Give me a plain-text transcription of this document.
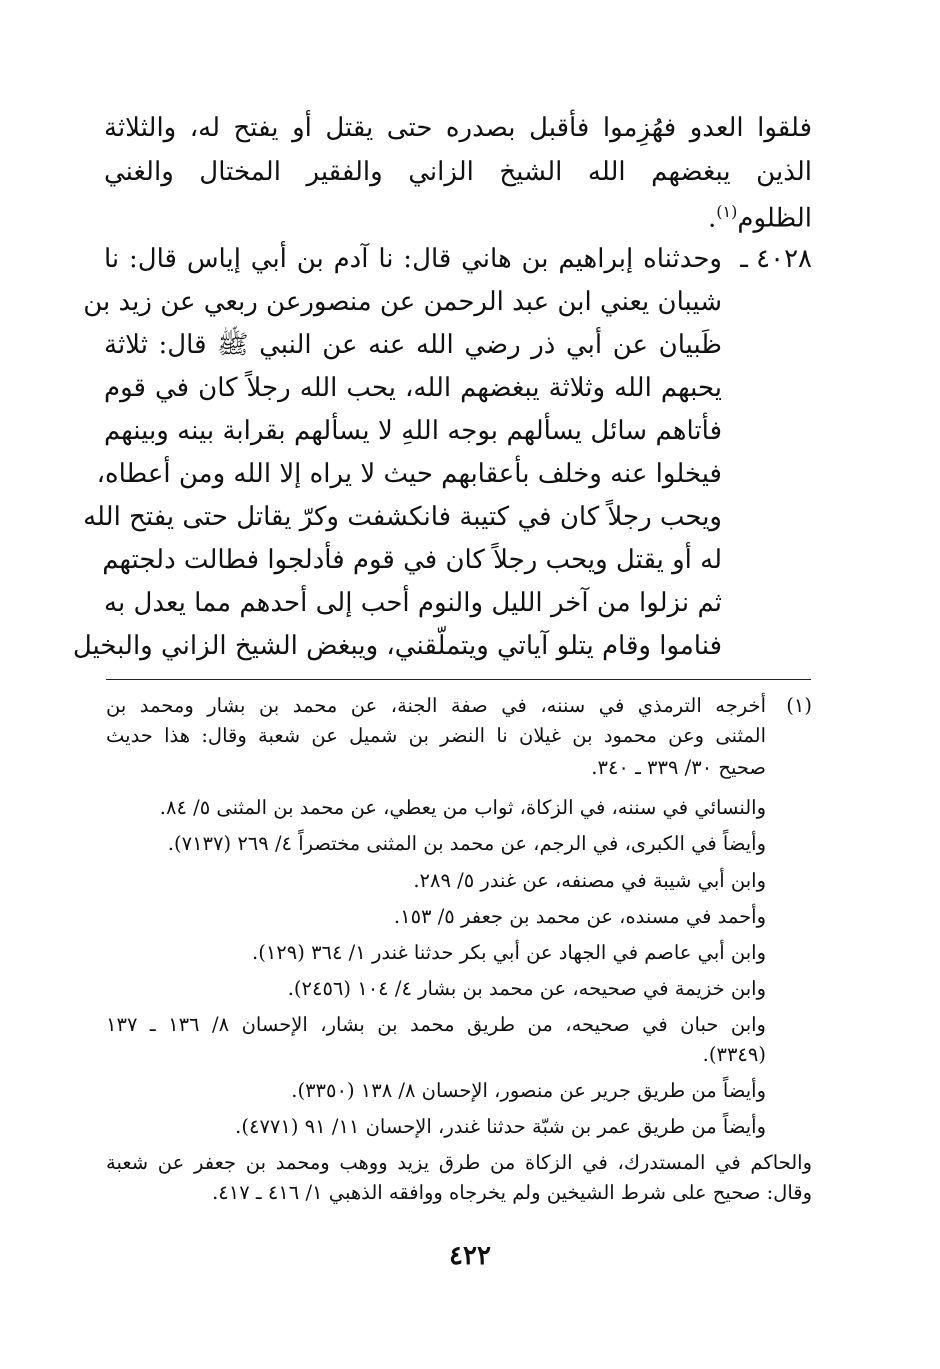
فلقوا العدو فهُزِموا فأقبل بصدره حتى يقتل أو يفتح له، والثلاثة
الذين يبغضهم الله الشيخ الزاني والفقير المختال والغني
الظلوم$^{(١)}$.
٤٠٢٨ ـ
وحدثناه إبراهيم بن هاني قال: نا آدم بن أبي إياس قال: نا
شيبان يعني ابن عبد الرحمن عن منصورعن ربعي عن زيد بن
ظَبيان عن أبي ذر رضي الله عنه عن النبي ﷺ قال: ثلاثة
يحبهم الله وثلاثة يبغضهم الله، يحب الله رجلاً كان في قوم
فأتاهم سائل يسألهم بوجه اللهِ لا يسألهم بقرابة بينه وبينهم
فيخلوا عنه وخلف بأعقابهم حيث لا يراه إلا الله ومن أعطاه،
ويحب رجلاً كان في كتيبة فانكشفت وكرّ يقاتل حتى يفتح الله
له أو يقتل ويحب رجلاً كان في قوم فأدلجوا فطالت دلجتهم
ثم نزلوا من آخر الليل والنوم أحب إلى أحدهم مما يعدل به
فناموا وقام يتلو آياتي ويتملّقني، ويبغض الشيخ الزاني والبخيل
(١)
أخرجه الترمذي في سننه، في صفة الجنة، عن محمد بن بشار ومحمد بن
المثنى وعن محمود بن غيلان نا النضر بن شميل عن شعبة وقال: هذا حديث
صحيح ٣٠/ ٣٣٩ ـ ٣٤٠.
والنسائي في سننه، في الزكاة، ثواب من يعطي، عن محمد بن المثنى ٥/ ٨٤.
وأيضاً في الكبرى، في الرجم، عن محمد بن المثنى مختصراً ٤/ ٢٦٩ (٧١٣٧).
وابن أبي شيبة في مصنفه، عن غندر ٥/ ٢٨٩.
وأحمد في مسنده، عن محمد بن جعفر ٥/ ١٥٣.
وابن أبي عاصم في الجهاد عن أبي بكر حدثنا غندر ١/ ٣٦٤ (١٢٩).
وابن خزيمة في صحيحه، عن محمد بن بشار ٤/ ١٠٤ (٢٤٥٦).
وابن حبان في صحيحه، من طريق محمد بن بشار، الإحسان ٨/ ١٣٦ ـ ١٣٧
(٣٣٤٩).
وأيضاً من طريق جرير عن منصور، الإحسان ٨/ ١٣٨ (٣٣٥٠).
وأيضاً من طريق عمر بن شبّة حدثنا غندر، الإحسان ١١/ ٩١ (٤٧٧١).
والحاكم في المستدرك، في الزكاة من طرق يزيد ووهب ومحمد بن جعفر عن شعبة
وقال: صحيح على شرط الشيخين ولم يخرجاه ووافقه الذهبي ١/ ٤١٦ ـ ٤١٧.
٤٢٢
